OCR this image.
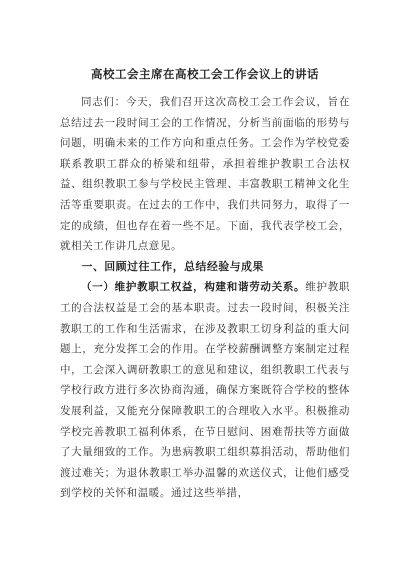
高校工会主席在高校工会工作会议上的讲话

同志们：今天，我们召开这次高校工会工作会议，旨在总结过去一段时间工会的工作情况，分析当前面临的形势与问题，明确未来的工作方向和重点任务。工会作为学校党委联系教职工群众的桥梁和纽带，承担着维护教职工合法权益、组织教职工参与学校民主管理、丰富教职工精神文化生活等重要职责。在过去的工作中，我们共同努力，取得了一定的成绩，但也存在着一些不足。下面，我代表学校工会，就相关工作讲几点意见。

一、回顾过往工作，总结经验与成果

（一）维护教职工权益，构建和谐劳动关系。维护教职工的合法权益是工会的基本职责。过去一段时间，积极关注教职工的工作和生活需求，在涉及教职工切身利益的重大问题上，充分发挥工会的作用。在学校薪酬调整方案制定过程中，工会深入调研教职工的意见和建议，组织教职工代表与学校行政方进行多次协商沟通，确保方案既符合学校的整体发展利益，又能充分保障教职工的合理收入水平。积极推动学校完善教职工福利体系，在节日慰问、困难帮扶等方面做了大量细致的工作。为患病教职工组织募捐活动，帮助他们渡过难关；为退休教职工举办温馨的欢送仪式，让他们感受到学校的关怀和温暖。通过这些举措，
